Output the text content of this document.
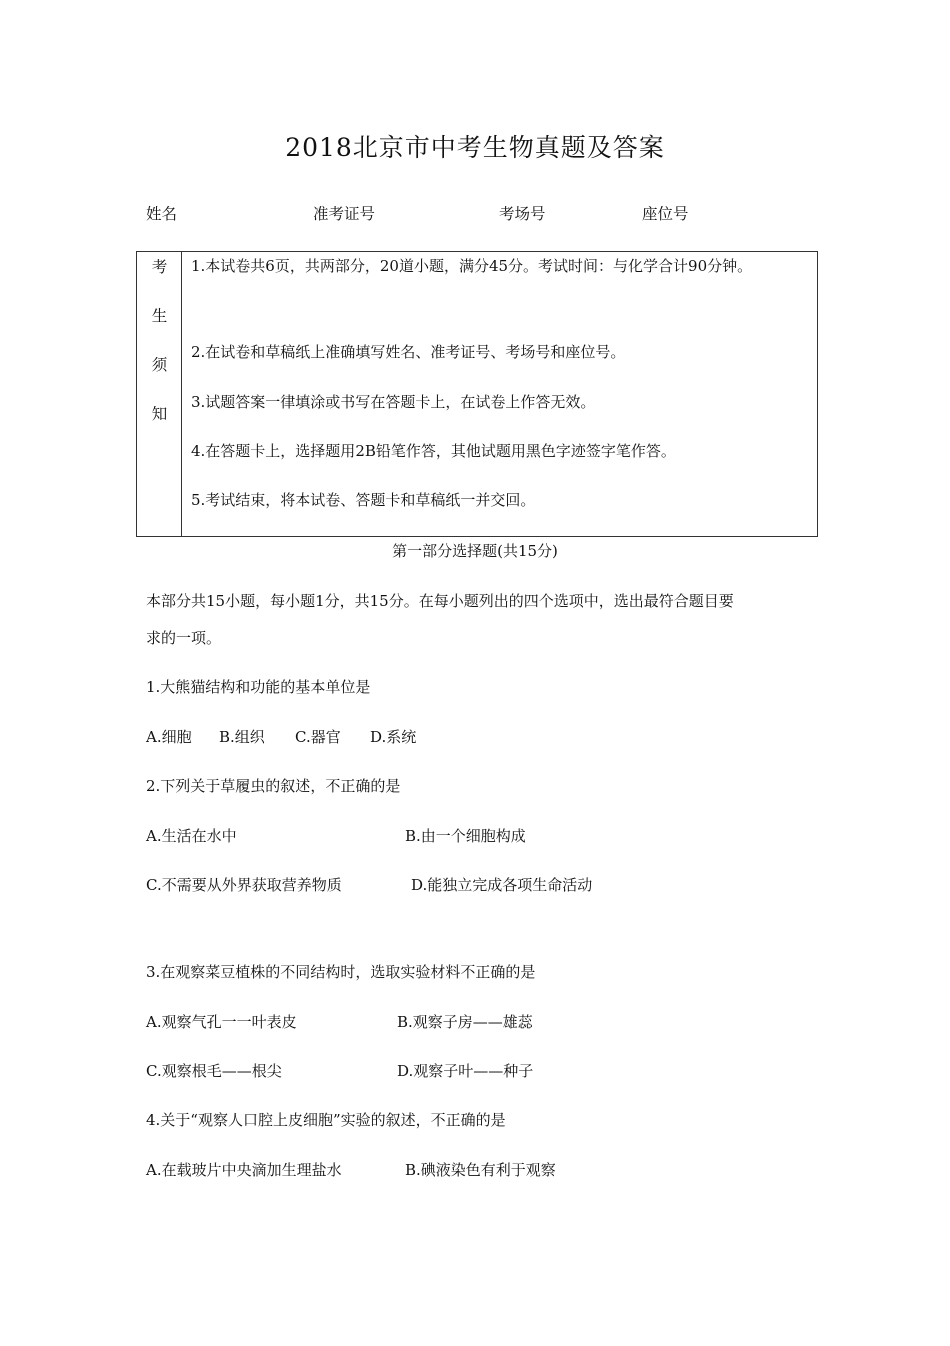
2018北京市中考生物真题及答案
姓名	准考证号	考场号	座位号
考
生
须
知
1.本试卷共6页，共两部分，20道小题，满分45分。考试时间：与化学合计90分钟。
2.在试卷和草稿纸上准确填写姓名、准考证号、考场号和座位号。
3.试题答案一律填涂或书写在答题卡上，在试卷上作答无效。
4.在答题卡上，选择题用2B铅笔作答，其他试题用黑色字迹签字笔作答。
5.考试结束，将本试卷、答题卡和草稿纸一并交回。
第一部分选择题(共15分)
本部分共15小题，每小题1分，共15分。在每小题列出的四个选项中，选出最符合题目要
求的一项。
1.大熊猫结构和功能的基本单位是
A.细胞 B.组织 C.器官 D.系统
2.下列关于草履虫的叙述，不正确的是
A.生活在水中	B.由一个细胞构成
C.不需要从外界获取营养物质	D.能独立完成各项生命活动
3.在观察菜豆植株的不同结构时，选取实验材料不正确的是
A.观察气孔一一叶表皮	B.观察子房——雄蕊
C.观察根毛——根尖	D.观察子叶——种子
4.关于“观察人口腔上皮细胞”实验的叙述，不正确的是
A.在载玻片中央滴加生理盐水	B.碘液染色有利于观察
